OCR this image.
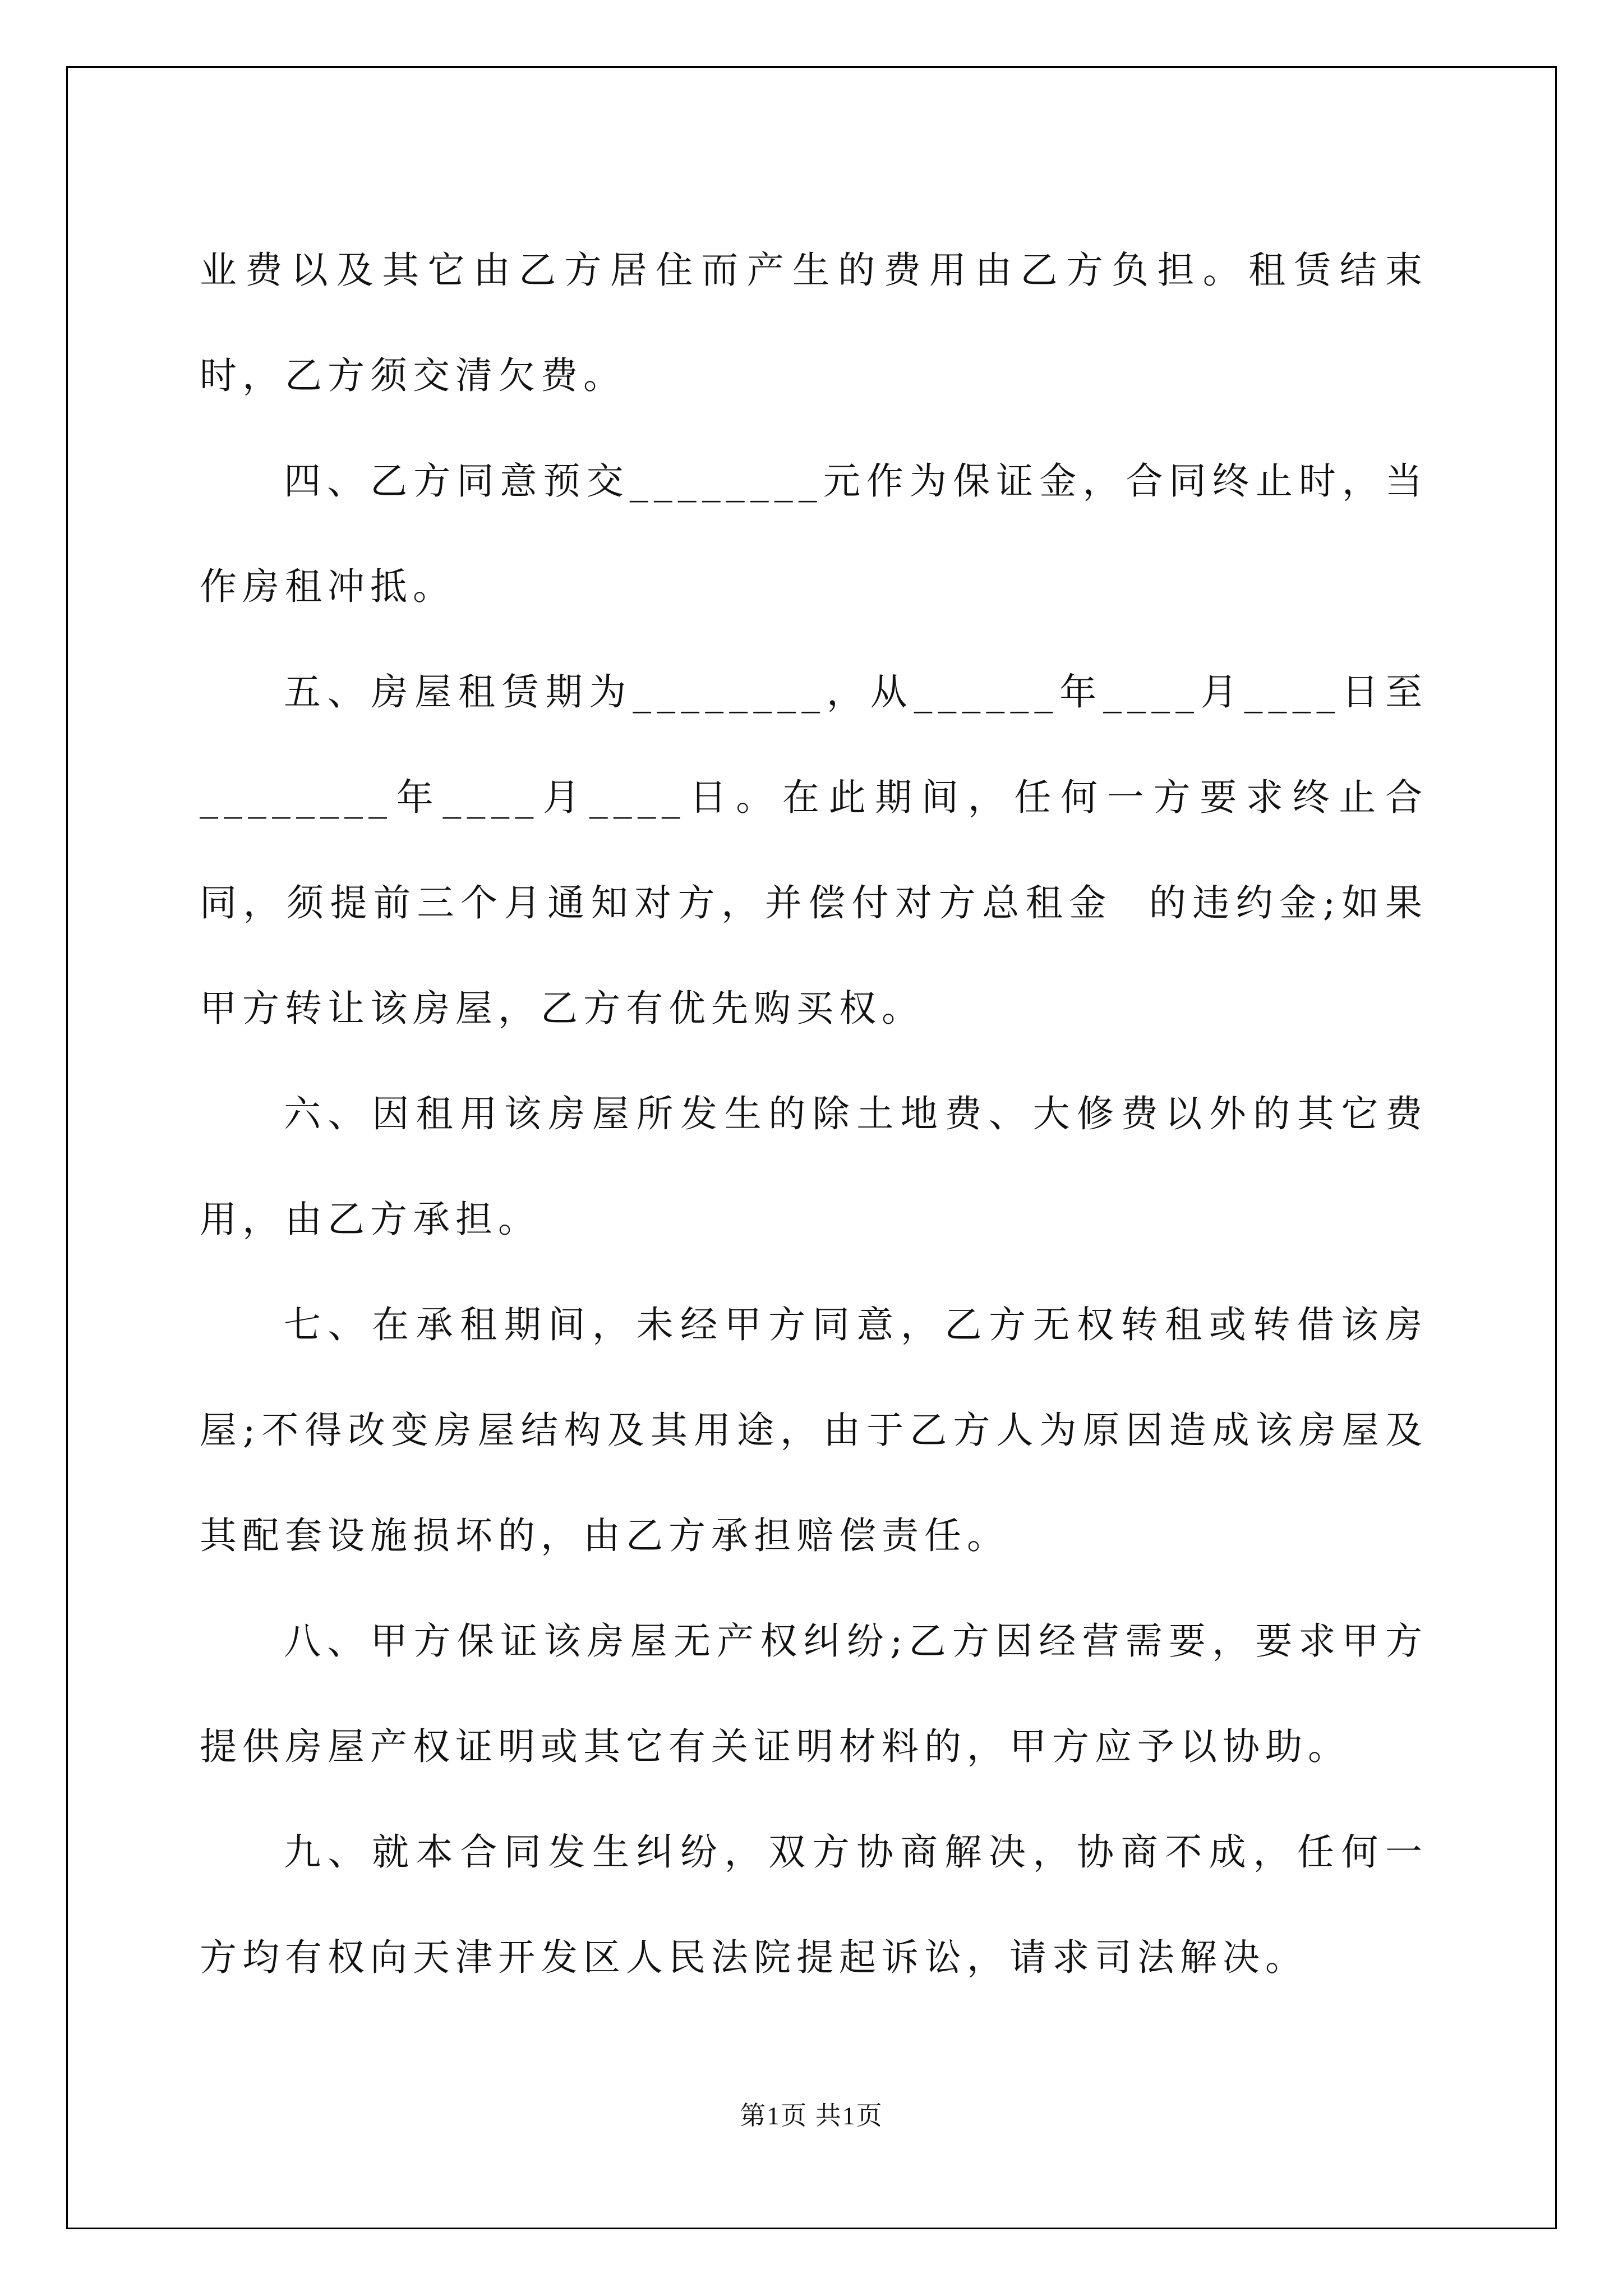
业费以及其它由乙方居住而产生的费用由乙方负担。租赁结束时，乙方须交清欠费。

四、乙方同意预交________元作为保证金，合同终止时，当作房租冲抵。

五、房屋租赁期为________，从______年____月____日至________年____月____日。在此期间，任何一方要求终止合同，须提前三个月通知对方，并偿付对方总租金  的违约金;如果甲方转让该房屋，乙方有优先购买权。

六、因租用该房屋所发生的除土地费、大修费以外的其它费用，由乙方承担。

七、在承租期间，未经甲方同意，乙方无权转租或转借该房屋;不得改变房屋结构及其用途，由于乙方人为原因造成该房屋及其配套设施损坏的，由乙方承担赔偿责任。

八、甲方保证该房屋无产权纠纷;乙方因经营需要，要求甲方提供房屋产权证明或其它有关证明材料的，甲方应予以协助。

九、就本合同发生纠纷，双方协商解决，协商不成，任何一方均有权向天津开发区人民法院提起诉讼，请求司法解决。

第1页 共1页
